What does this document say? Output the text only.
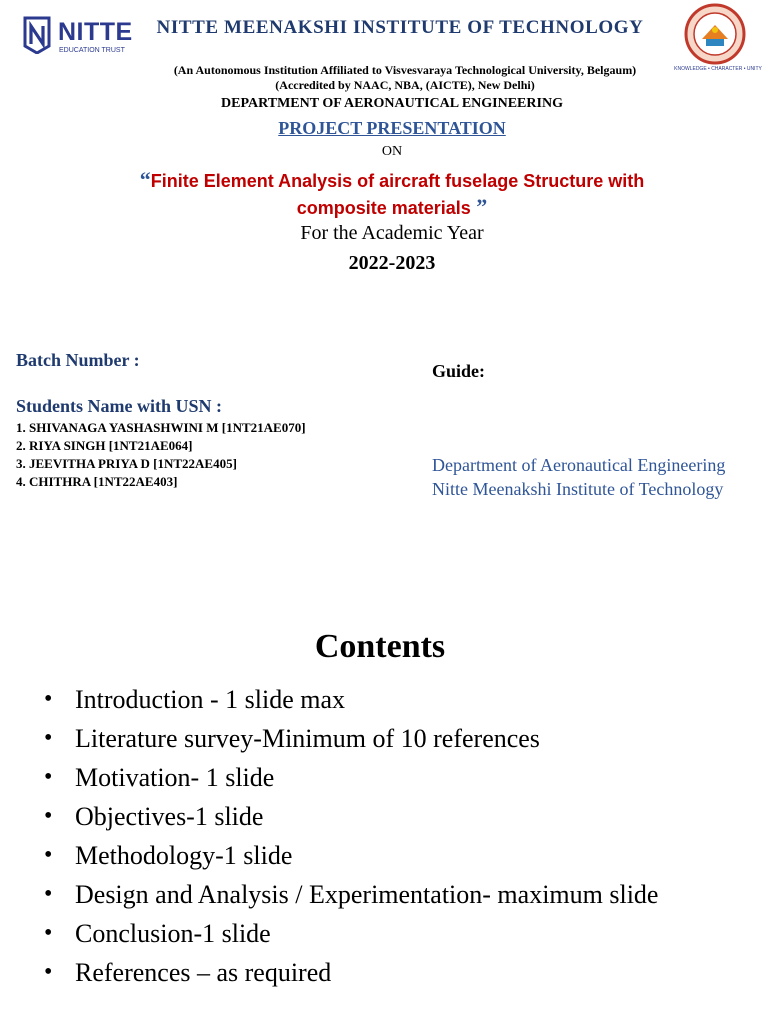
NITTE
EDUCATION TRUST
NITTE MEENAKSHI INSTITUTE OF TECHNOLOGY
(An Autonomous Institution Affiliated to Visvesvaraya Technological University, Belgaum)
(Accredited by NAAC, NBA, (AICTE), New Delhi)
DEPARTMENT OF AERONAUTICAL ENGINEERING
KNOWLEDGE • CHARACTER • UNITY
PROJECT PRESENTATION
ON
“Finite Element Analysis of aircraft fuselage Structure with
composite materials ”
For the Academic Year
2022-2023
Batch Number :
Students Name with USN :
1. SHIVANAGA YASHASHWINI M [1NT21AE070]
2. RIYA SINGH [1NT21AE064]
3. JEEVITHA PRIYA D [1NT22AE405]
4. CHITHRA [1NT22AE403]
Guide:
Department of Aeronautical Engineering
Nitte Meenakshi Institute of Technology
Contents
• Introduction - 1 slide max
• Literature survey-Minimum of 10 references
• Motivation- 1 slide
• Objectives-1 slide
• Methodology-1 slide
• Design and Analysis / Experimentation- maximum slide
• Conclusion-1 slide
• References – as required
